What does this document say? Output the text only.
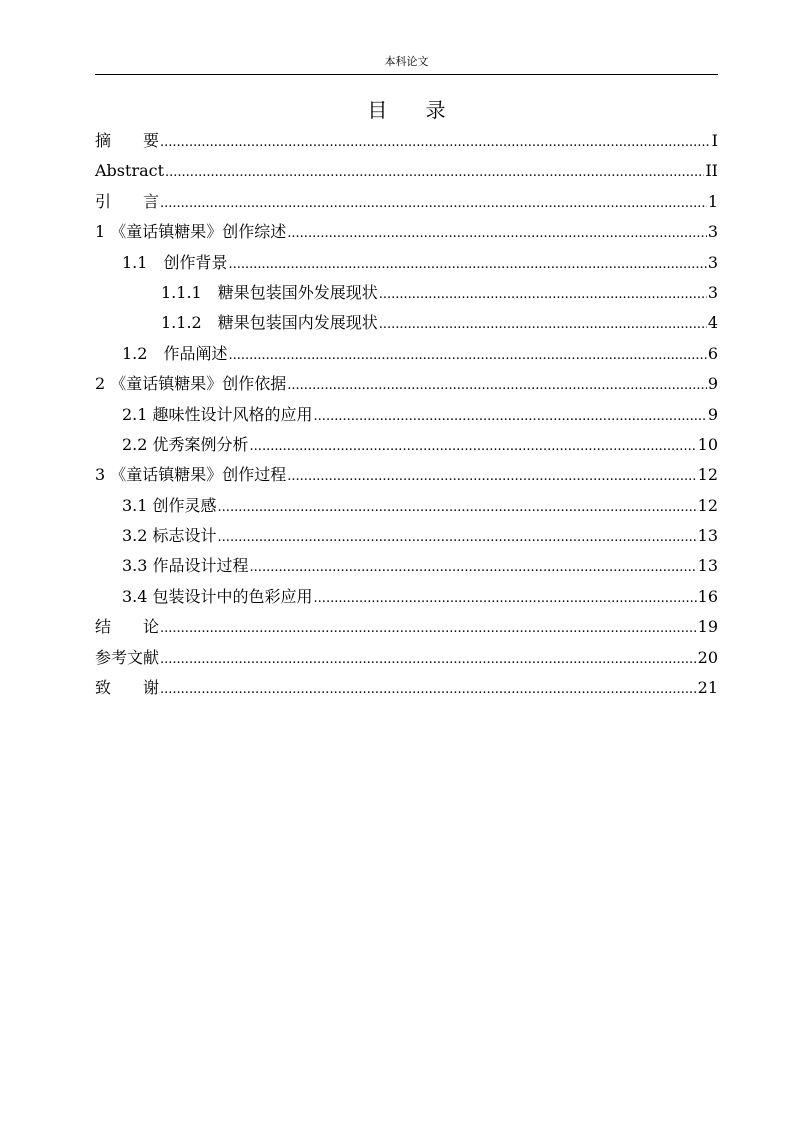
本科论文
目 录
摘　　要 .....	I
Abstract .....	II
引　　言 .....	1
1 《童话镇糖果》创作综述 .....	3
1.1　创作背景 .....	3
1.1.1　糖果包装国外发展现状 .....	3
1.1.2　糖果包装国内发展现状 .....	4
1.2　作品阐述 .....	6
2 《童话镇糖果》创作依据 .....	9
2.1 趣味性设计风格的应用 .....	9
2.2 优秀案例分析 .....	10
3 《童话镇糖果》创作过程 .....	12
3.1 创作灵感 .....	12
3.2 标志设计 .....	13
3.3 作品设计过程 .....	13
3.4 包装设计中的色彩应用 .....	16
结　　论 .....	19
参考文献 .....	20
致　　谢 .....	21
